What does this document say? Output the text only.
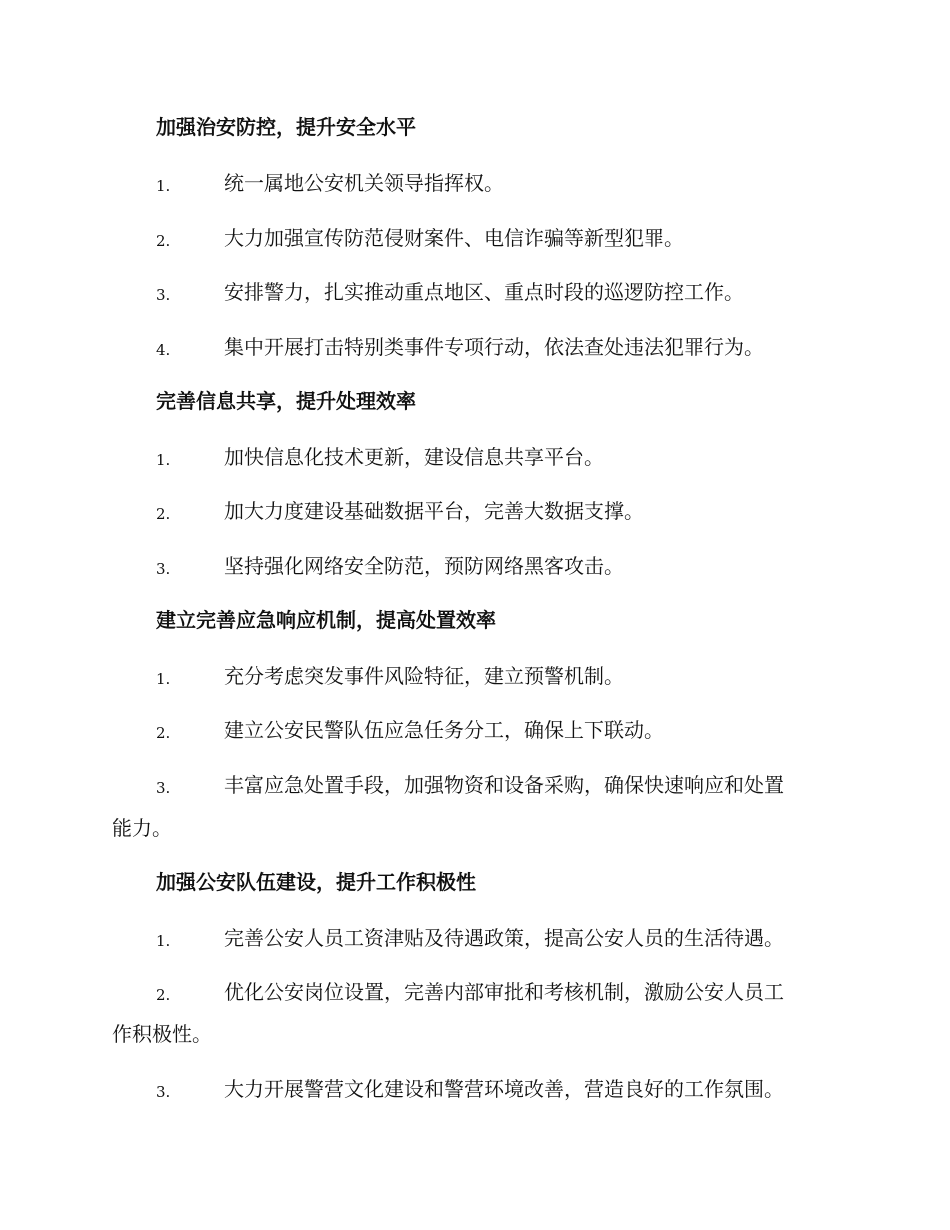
加强治安防控，提升安全水平
1.	统一属地公安机关领导指挥权。
2.	大力加强宣传防范侵财案件、电信诈骗等新型犯罪。
3.	安排警力，扎实推动重点地区、重点时段的巡逻防控工作。
4.	集中开展打击特别类事件专项行动，依法查处违法犯罪行为。
完善信息共享，提升处理效率
1.	加快信息化技术更新，建设信息共享平台。
2.	加大力度建设基础数据平台，完善大数据支撑。
3.	坚持强化网络安全防范，预防网络黑客攻击。
建立完善应急响应机制，提高处置效率
1.	充分考虑突发事件风险特征，建立预警机制。
2.	建立公安民警队伍应急任务分工，确保上下联动。
3.	丰富应急处置手段，加强物资和设备采购，确保快速响应和处置
能力。
加强公安队伍建设，提升工作积极性
1.	完善公安人员工资津贴及待遇政策，提高公安人员的生活待遇。
2.	优化公安岗位设置，完善内部审批和考核机制，激励公安人员工
作积极性。
3.	大力开展警营文化建设和警营环境改善，营造良好的工作氛围。
